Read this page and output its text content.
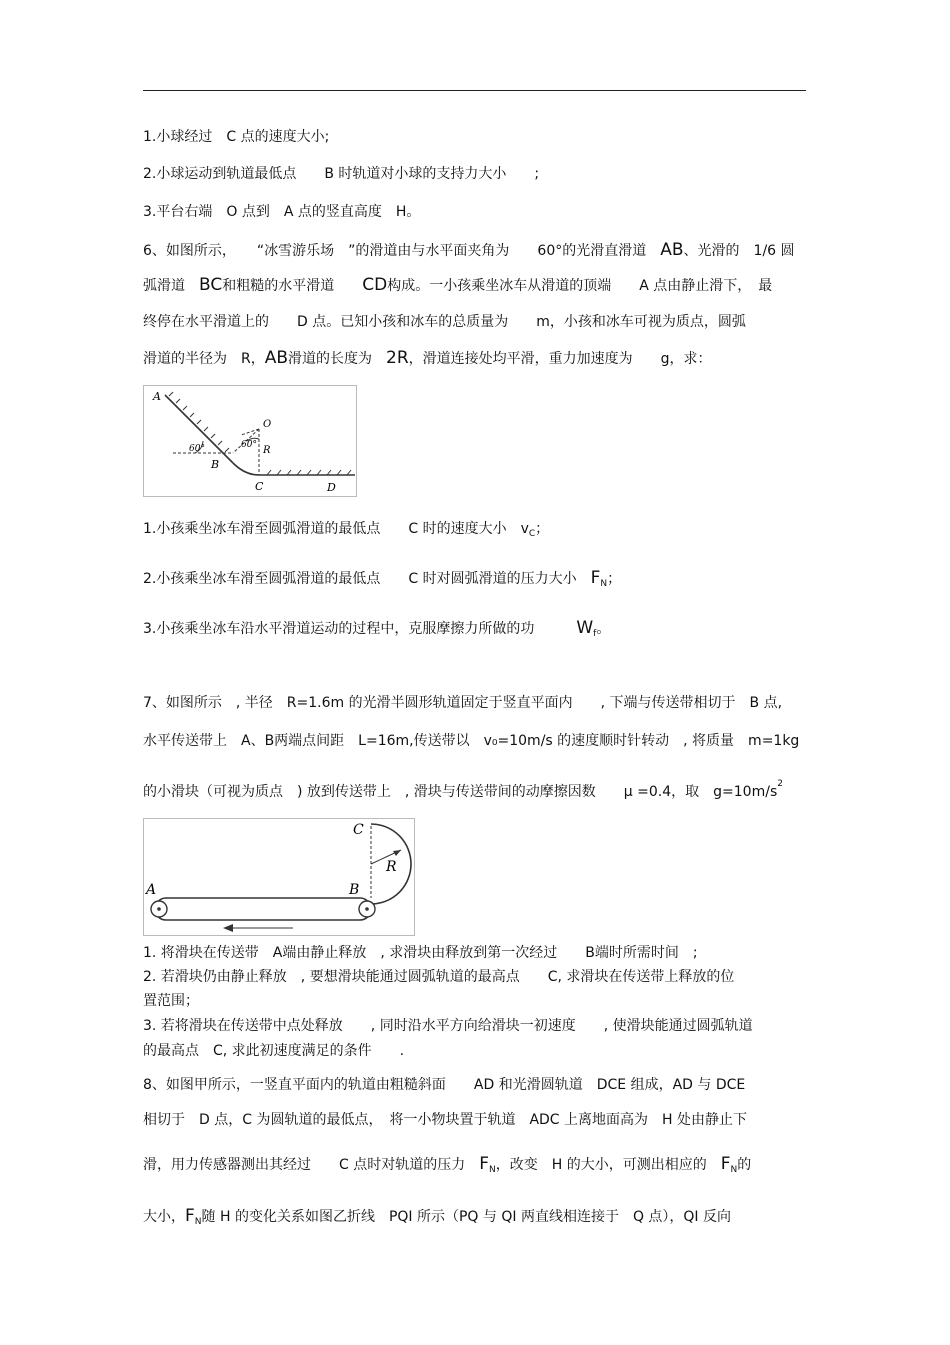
1.小球经过　C 点的速度大小;
2.小球运动到轨道最低点　　B 时轨道对小球的支持力大小　　;
3.平台右端　O 点到　A 点的竖直高度　H。
6、如图所示，　　“冰雪游乐场　”的滑道由与水平面夹角为　　60°的光滑直滑道　AB、光滑的　1/6 圆
弧滑道　BC和粗糙的水平滑道　　CD构成。一小孩乘坐冰车从滑道的顶端　　A 点由静止滑下，　最
终停在水平滑道上的　　D 点。已知小孩和冰车的总质量为　　m，小孩和冰车可视为质点，圆弧
滑道的半径为　R，AB滑道的长度为　2R，滑道连接处均平滑，重力加速度为　　g，求：
A
O
R
60°	60°
B
C	D
1.小孩乘坐冰车滑至圆弧滑道的最低点　　C 时的速度大小　$v_C$；
2.小孩乘坐冰车滑至圆弧滑道的最低点　　C 时对圆弧滑道的压力大小　$F_N$；
3.小孩乘坐冰车沿水平滑道运动的过程中，克服摩擦力所做的功　　　$W_f$。
7、如图所示　, 半径　R=1.6m 的光滑半圆形轨道固定于竖直平面内　　, 下端与传送带相切于　B 点,
水平传送带上　A、B两端点间距　L=16m,传送带以　v₀=10m/s 的速度顺时针转动　, 将质量　m=1kg
的小滑块（可视为质点　) 放到传送带上　, 滑块与传送带间的动摩擦因数　　μ =0.4，取　$g=10m/s^2$
A	B
C
R
1. 将滑块在传送带　A端由静止释放　, 求滑块由释放到第一次经过　　B端时所需时间　;
2. 若滑块仍由静止释放　, 要想滑块能通过圆弧轨道的最高点　　C, 求滑块在传送带上释放的位
置范围；
3. 若将滑块在传送带中点处释放　　, 同时沿水平方向给滑块一初速度　　, 使滑块能通过圆弧轨道
的最高点　C, 求此初速度满足的条件　　.
8、如图甲所示，一竖直平面内的轨道由粗糙斜面　　AD 和光滑圆轨道　DCE 组成，AD 与 DCE
相切于　D 点，C 为圆轨道的最低点，　将一小物块置于轨道　ADC 上离地面高为　H 处由静止下
滑，用力传感器测出其经过　　C 点时对轨道的压力　$F_N$，改变　H 的大小，可测出相应的　$F_N$的
大小，$F_N$随 H 的变化关系如图乙折线　PQI 所示（PQ 与 QI 两直线相连接于　Q 点），QI 反向
